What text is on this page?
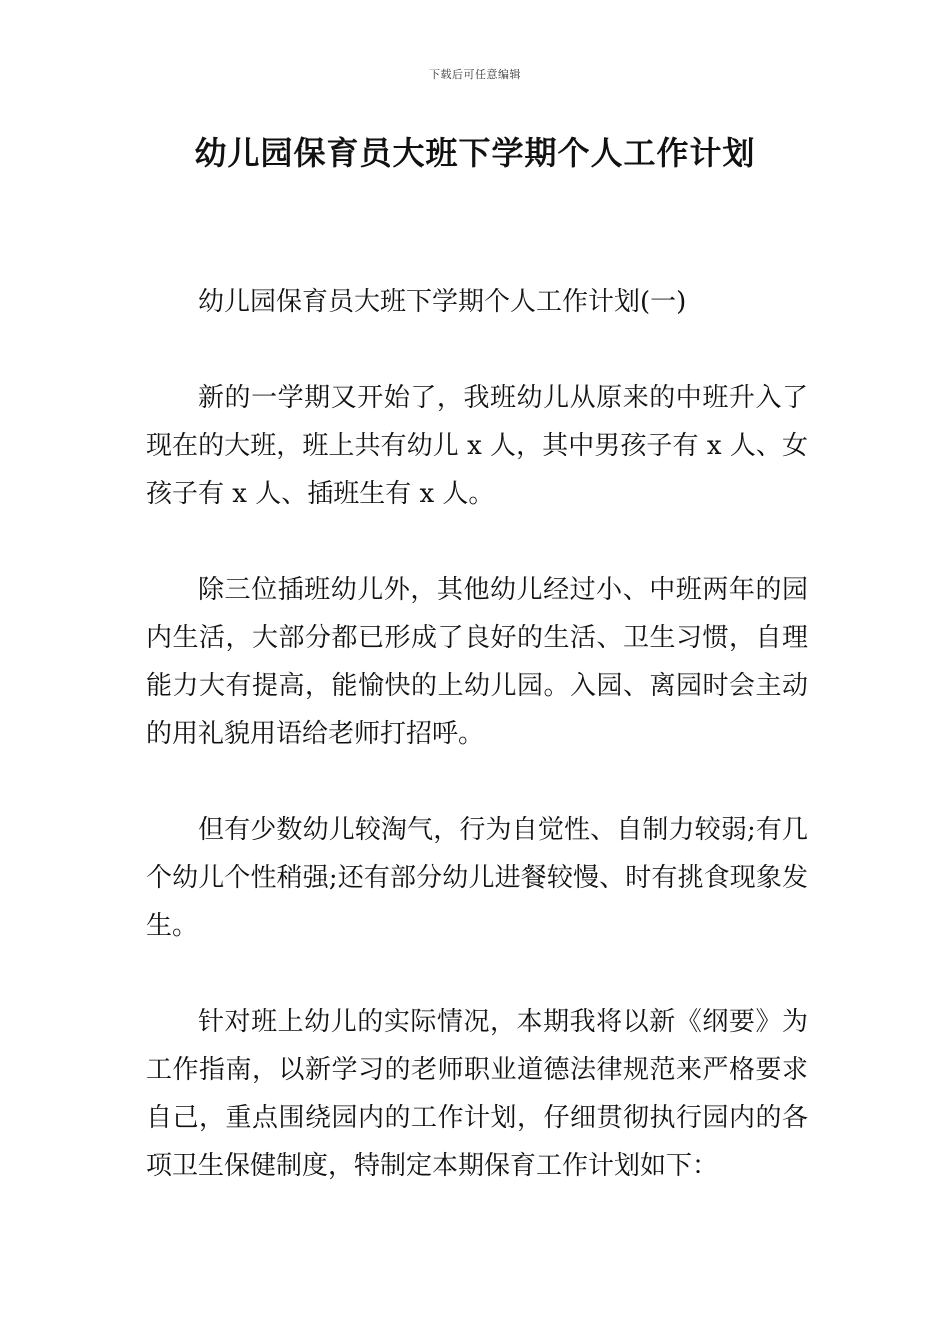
下载后可任意编辑
幼儿园保育员大班下学期个人工作计划

幼儿园保育员大班下学期个人工作计划(一)

新的一学期又开始了，我班幼儿从原来的中班升入了现在的大班，班上共有幼儿 x 人，其中男孩子有 x 人、女孩子有 x 人、插班生有 x 人。

除三位插班幼儿外，其他幼儿经过小、中班两年的园内生活，大部分都已形成了良好的生活、卫生习惯，自理能力大有提高，能愉快的上幼儿园。入园、离园时会主动的用礼貌用语给老师打招呼。

但有少数幼儿较淘气，行为自觉性、自制力较弱;有几个幼儿个性稍强;还有部分幼儿进餐较慢、时有挑食现象发生。

针对班上幼儿的实际情况，本期我将以新《纲要》为工作指南，以新学习的老师职业道德法律规范来严格要求自己，重点围绕园内的工作计划，仔细贯彻执行园内的各项卫生保健制度，特制定本期保育工作计划如下：
